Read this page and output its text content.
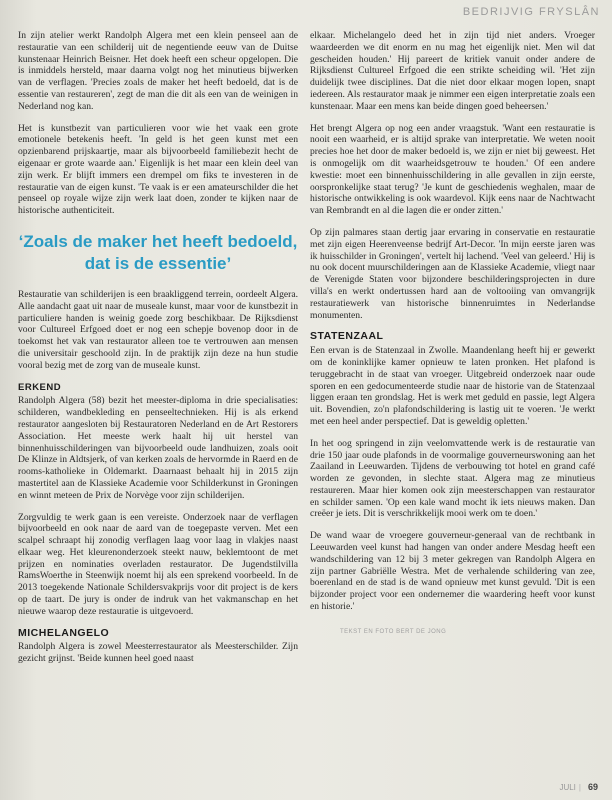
BEDRIJVIG FRYSLÂN

In zijn atelier werkt Randolph Algera met een klein penseel aan de restauratie van een schilderij uit de negentiende eeuw van de Duitse kunstenaar Heinrich Beisner. Het doek heeft een scheur opgelopen. Die is inmiddels hersteld, maar daarna volgt nog het minutieus bijwerken van de verflagen. 'Precies zoals de maker het heeft bedoeld, dat is de essentie van restaureren', zegt de man die dit als een van de weinigen in Nederland nog kan.

Het is kunstbezit van particulieren voor wie het vaak een grote emotionele betekenis heeft. 'In geld is het geen kunst met een opzienbarend prijskaartje, maar als bijvoorbeeld familiebezit hecht de eigenaar er grote waarde aan.' Eigenlijk is het maar een klein deel van zijn werk. Er blijft immers een drempel om fiks te investeren in de restauratie van de eigen kunst. 'Te vaak is er een amateurschilder die het penseel op royale wijze zijn werk laat doen, zonder te kijken naar de historische authenticiteit.

‘Zoals de maker het heeft bedoeld, dat is de essentie’

Restauratie van schilderijen is een braakliggend terrein, oordeelt Algera. Alle aandacht gaat uit naar de museale kunst, maar voor de kunstbezit in particuliere handen is weinig goede zorg beschikbaar. De Rijksdienst voor Cultureel Erfgoed doet er nog een schepje bovenop door in de toekomst het vak van restaurator alleen toe te vertrouwen aan mensen die universitair geschoold zijn. In de praktijk zijn deze na hun studie vooral bezig met de zorg van de museale kunst.

ERKEND

Randolph Algera (58) bezit het meester-diploma in drie specialisaties: schilderen, wandbekleding en penseeltechnieken. Hij is als erkend restaurator aangesloten bij Restauratoren Nederland en de Art Restorers Association. Het meeste werk haalt hij uit herstel van binnenhuisschilderingen van bijvoorbeeld oude landhuizen, zoals ooit De Klinze in Aldtsjerk, of van kerken zoals de hervormde in Raerd en de rooms-katholieke in Oldemarkt. Daarnaast behaalt hij in 2015 zijn mastertitel aan de Klassieke Academie voor Schilderkunst in Groningen en winnt meteen de Prix de Norvège voor zijn schilderijen.

Zorgvuldig te werk gaan is een vereiste. Onderzoek naar de verflagen bijvoorbeeld en ook naar de aard van de toegepaste verven. Met een scalpel schraapt hij zonodig verflagen laag voor laag in vlakjes naast elkaar weg. Het kleurenonderzoek steekt nauw, beklemtoont de met prijzen en nominaties overladen restaurator. De Jugendstilvilla RamsWoerthe in Steenwijk noemt hij als een sprekend voorbeeld. In de 2013 toegekende Nationale Schildersvakprijs voor dit project is de kers op de taart. De jury is onder de indruk van het vakmanschap en het nieuwe waarop deze restauratie is uitgevoerd.

MICHELANGELO

Randolph Algera is zowel Meesterrestaurator als Meesterschilder. Zijn gezicht grijnst. 'Beide kunnen heel goed naast

elkaar. Michelangelo deed het in zijn tijd niet anders. Vroeger waardeerden we dit enorm en nu mag het eigenlijk niet. Men wil dat gescheiden houden.' Hij pareert de kritiek vanuit onder andere de Rijksdienst Cultureel Erfgoed die een strikte scheiding wil. 'Het zijn duidelijk twee disciplines. Dat die niet door elkaar mogen lopen, snapt iedereen. Als restaurator maak je nimmer een eigen interpretatie zoals een kunstenaar. Maar een mens kan beide dingen goed beheersen.'

Het brengt Algera op nog een ander vraagstuk. 'Want een restauratie is nooit een waarheid, er is altijd sprake van interpretatie. We weten nooit precies hoe het door de maker bedoeld is, we zijn er niet bij geweest. Het is onmogelijk om dit waarheidsgetrouw te houden.' Of een andere kwestie: moet een binnenhuisschildering in alle gevallen in zijn eerste, oorspronkelijke staat terug? 'Je kunt de geschiedenis weghalen, maar de historische ontwikkeling is ook waardevol. Kijk eens naar de Nachtwacht van Rembrandt en al die lagen die er onder zitten.'

Op zijn palmares staan dertig jaar ervaring in conservatie en restauratie met zijn eigen Heerenveense bedrijf Art-Decor. 'In mijn eerste jaren was ik huisschilder in Groningen', vertelt hij lachend. 'Veel van geleerd.' Hij is nu ook docent muurschilderingen aan de Klassieke Academie, vliegt naar de Verenigde Staten voor bijzondere beschilderingsprojecten in dure villa's en werkt ondertussen hard aan de voltooiing van omvangrijk restauratiewerk van historische binnenruimtes in Nederlandse monumenten.

STATENZAAL

Een ervan is de Statenzaal in Zwolle. Maandenlang heeft hij er gewerkt om de koninklijke kamer opnieuw te laten pronken. Het plafond is teruggebracht in de staat van vroeger. Uitgebreid onderzoek naar oude sporen en een gedocumenteerde studie naar de historie van de Statenzaal liggen eraan ten grondslag. Het is werk met geduld en passie, legt Algera uit. Bovendien, zo'n plafondschildering is lastig uit te voeren. 'Je werkt met een heel ander perspectief. Dat is geweldig opletten.'

In het oog springend in zijn veelomvattende werk is de restauratie van drie 150 jaar oude plafonds in de voormalige gouverneurswoning aan het Zaailand in Leeuwarden. Tijdens de verbouwing tot hotel en grand café worden ze gevonden, in slechte staat. Algera mag ze minutieus restaureren. Maar hier komen ook zijn meesterschappen van restaurator en schilder samen. 'Op een kale wand mocht ik iets nieuws maken. Dan creëer je iets. Dit is verschrikkelijk mooi werk om te doen.'

De wand waar de vroegere gouverneur-generaal van de rechtbank in Leeuwarden veel kunst had hangen van onder andere Mesdag heeft een wandschildering van 12 bij 3 meter gekregen van Randolph Algera en zijn partner Gabriëlle Westra. Met de verhalende schildering van zee, boerenland en de stad is de wand opnieuw met kunst gevuld. 'Dit is een bijzonder project voor een ondernemer die waardering heeft voor kunst en historie.'

TEKST EN FOTO BERT DE JONG
JULI | 69
